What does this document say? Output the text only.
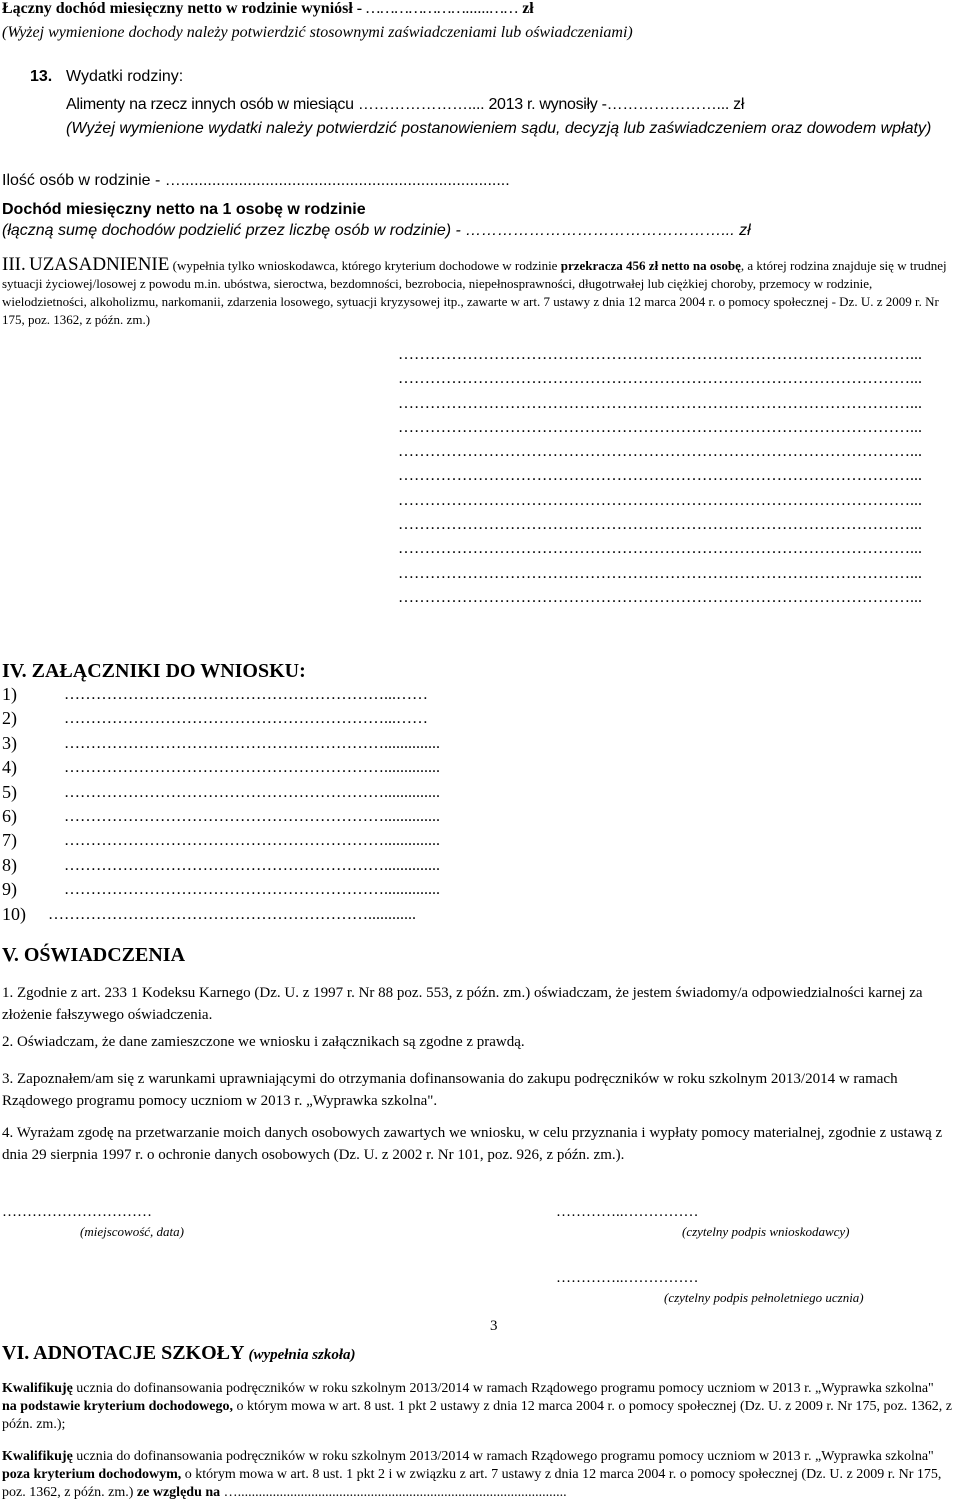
Łączny dochód miesięczny netto w rodzinie wyniósł - …………………......…… zł
(Wyżej wymienione dochody należy potwierdzić stosownymi zaświadczeniami lub oświadczeniami)
13. Wydatki rodziny:
Alimenty na rzecz innych osób w miesiącu ………………….... 2013 r. wynosiły -…………………... zł
(Wyżej wymienione wydatki należy potwierdzić postanowieniem sądu, decyzją lub zaświadczeniem oraz dowodem wpłaty)
Ilość osób w rodzinie - …..........................................................................
Dochód miesięczny netto na 1 osobę w rodzinie
(łączną sumę dochodów podzielić przez liczbę osób w rodzinie) - …………………………………………... zł
III. UZASADNIENIE (wypełnia tylko wnioskodawca, którego kryterium dochodowe w rodzinie przekracza 456 zł netto na osobę, a której rodzina znajduje się w trudnej sytuacji życiowej/losowej z powodu m.in. ubóstwa, sieroctwa, bezdomności, bezrobocia, niepełnosprawności, długotrwałej lub ciężkiej choroby, przemocy w rodzinie, wielodzietności, alkoholizmu, narkomanii, zdarzenia losowego, sytuacji kryzysowej itp., zawarte w art. 7 ustawy z dnia 12 marca 2004 r. o pomocy społecznej - Dz. U. z 2009 r. Nr 175, poz. 1362, z późn. zm.)
……………………………………………………………………………………...
……………………………………………………………………………………...
……………………………………………………………………………………...
……………………………………………………………………………………...
……………………………………………………………………………………...
……………………………………………………………………………………...
……………………………………………………………………………………...
……………………………………………………………………………………...
……………………………………………………………………………………...
……………………………………………………………………………………...
……………………………………………………………………………………...
IV. ZAŁĄCZNIKI DO WNIOSKU:
1)	……………………………………………………...……
2)	……………………………………………………...……
3)	……………………………………………………..............
4)	……………………………………………………..............
5)	……………………………………………………..............
6)	……………………………………………………..............
7)	……………………………………………………..............
8)	……………………………………………………..............
9)	……………………………………………………..............
10) ……………………………………………………............
V. OŚWIADCZENIA
1. Zgodnie z art. 233 1 Kodeksu Karnego (Dz. U. z 1997 r. Nr 88 poz. 553, z późn. zm.) oświadczam, że jestem świadomy/a odpowiedzialności karnej za złożenie fałszywego oświadczenia.
2. Oświadczam, że dane zamieszczone we wniosku i załącznikach są zgodne z prawdą.
3. Zapoznałem/am się z warunkami uprawniającymi do otrzymania dofinansowania do zakupu podręczników w roku szkolnym 2013/2014 w ramach Rządowego programu pomocy uczniom w 2013 r. „Wyprawka szkolna".
4. Wyrażam zgodę na przetwarzanie moich danych osobowych zawartych we wniosku, w celu przyznania i wypłaty pomocy materialnej, zgodnie z ustawą z dnia 29 sierpnia 1997 r. o ochronie danych osobowych (Dz. U. z 2002 r. Nr 101, poz. 926, z późn. zm.).
…………………………
(miejscowość, data)
…………..……………
(czytelny podpis wnioskodawcy)
…………..……………
(czytelny podpis pełnoletniego ucznia)
3
VI. ADNOTACJE SZKOŁY (wypełnia szkoła)
Kwalifikuję uczni​a do dofinansowania podręczników w roku szkolnym 2013/2014 w ramach Rządowego programu pomocy uczniom w 2013 r. „Wyprawka szkolna" na podstawie kryterium dochodowego, o którym mowa w art. 8 ust. 1 pkt 2 ustawy z dnia 12 marca 2004 r. o pomocy społecznej (Dz. U. z 2009 r. Nr 175, poz. 1362, z późn. zm.);
Kwalifikuję uczni​a do dofinansowania podręczników w roku szkolnym 2013/2014 w ramach Rządowego programu pomocy uczniom w 2013 r. „Wyprawka szkolna" poza kryterium dochodowym, o którym mowa w art. 8 ust. 1 pkt 2 i w związku z art. 7 ustawy z dnia 12 marca 2004 r. o pomocy społecznej (Dz. U. z 2009 r. Nr 175, poz. 1362, z późn. zm.) ze względu na …..............................................................................................
